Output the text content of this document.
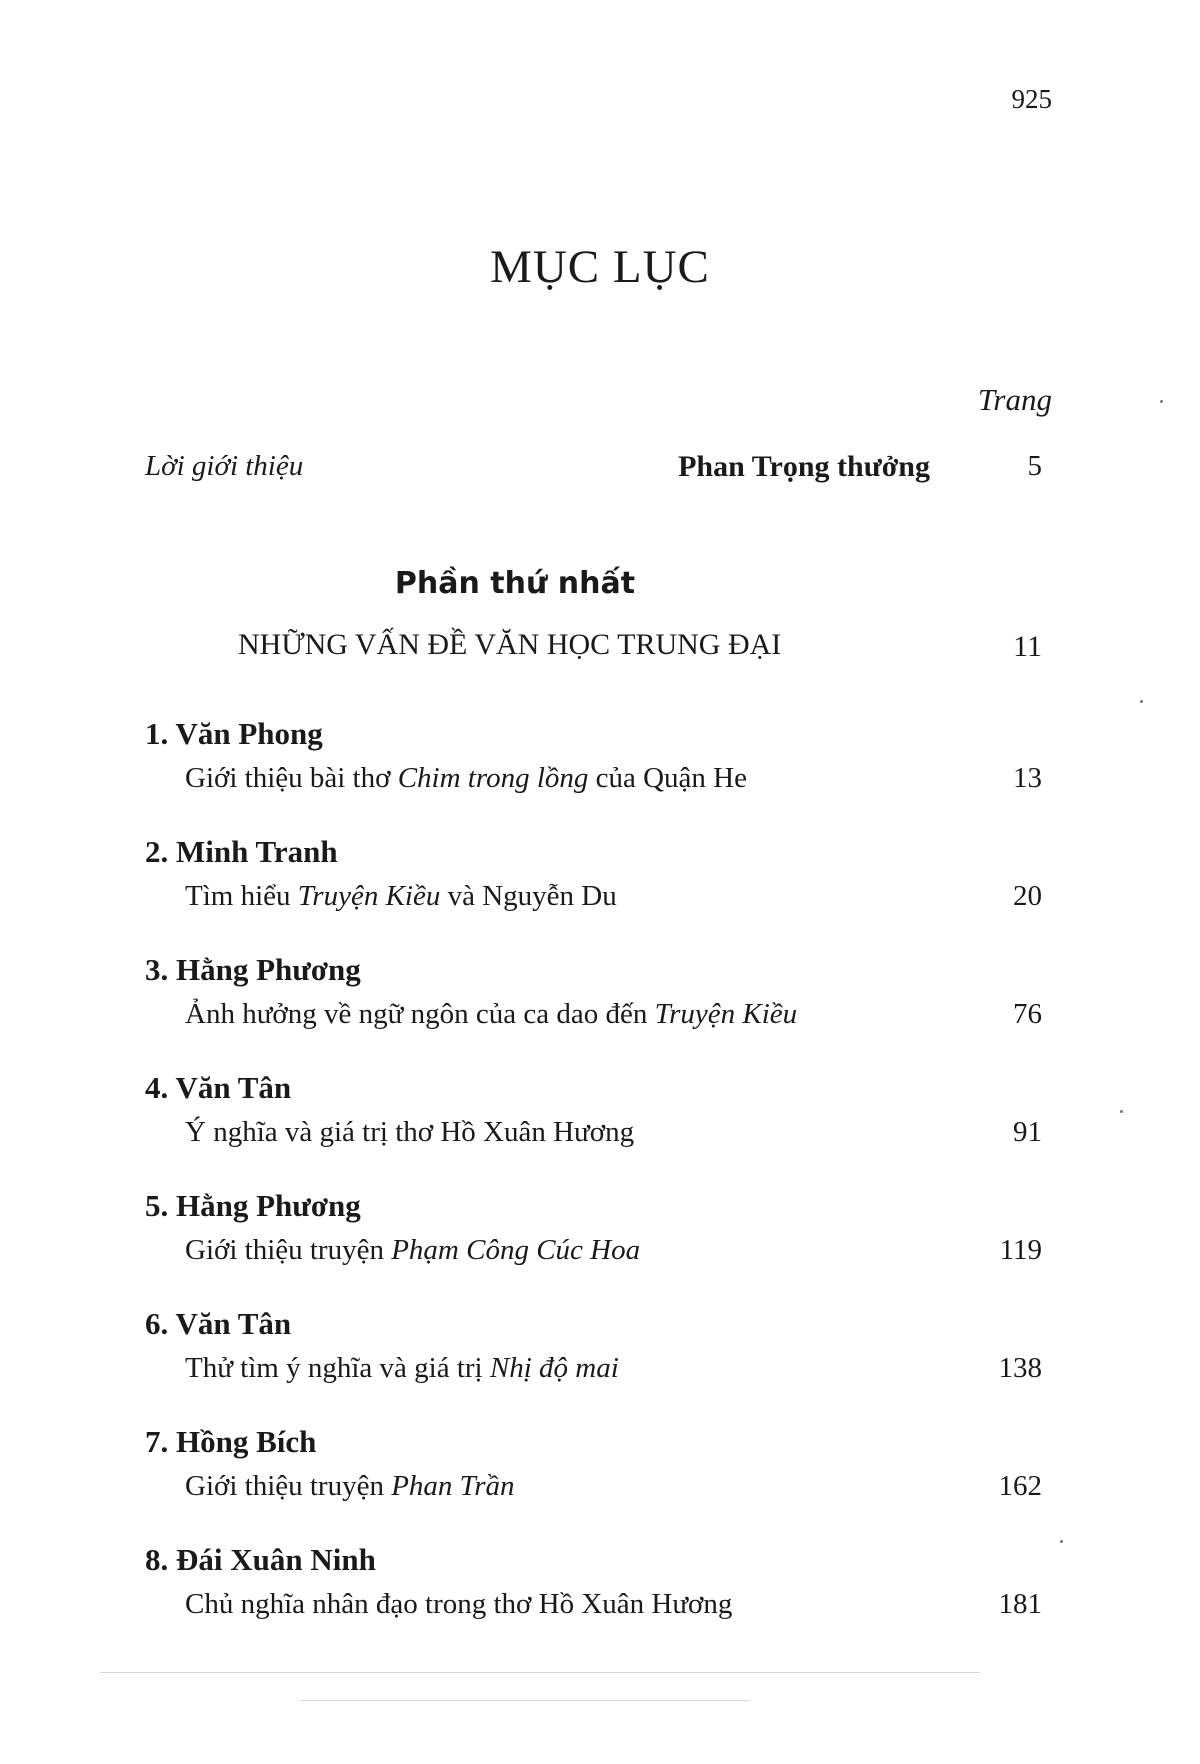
925
MỤC LỤC
Trang
Lời giới thiệu	Phan Trọng thưởng	5
Phần thứ nhất
NHỮNG VẤN ĐỀ VĂN HỌC TRUNG ĐẠI	11
1. Văn Phong
Giới thiệu bài thơ Chim trong lồng của Quận He	13
2. Minh Tranh
Tìm hiểu Truyện Kiều và Nguyễn Du	20
3. Hằng Phương
Ảnh hưởng về ngữ ngôn của ca dao đến Truyện Kiều	76
4. Văn Tân
Ý nghĩa và giá trị thơ Hồ Xuân Hương	91
5. Hằng Phương
Giới thiệu truyện Phạm Công Cúc Hoa	119
6. Văn Tân
Thử tìm ý nghĩa và giá trị Nhị độ mai	138
7. Hồng Bích
Giới thiệu truyện Phan Trần	162
8. Đái Xuân Ninh
Chủ nghĩa nhân đạo trong thơ Hồ Xuân Hương	181
